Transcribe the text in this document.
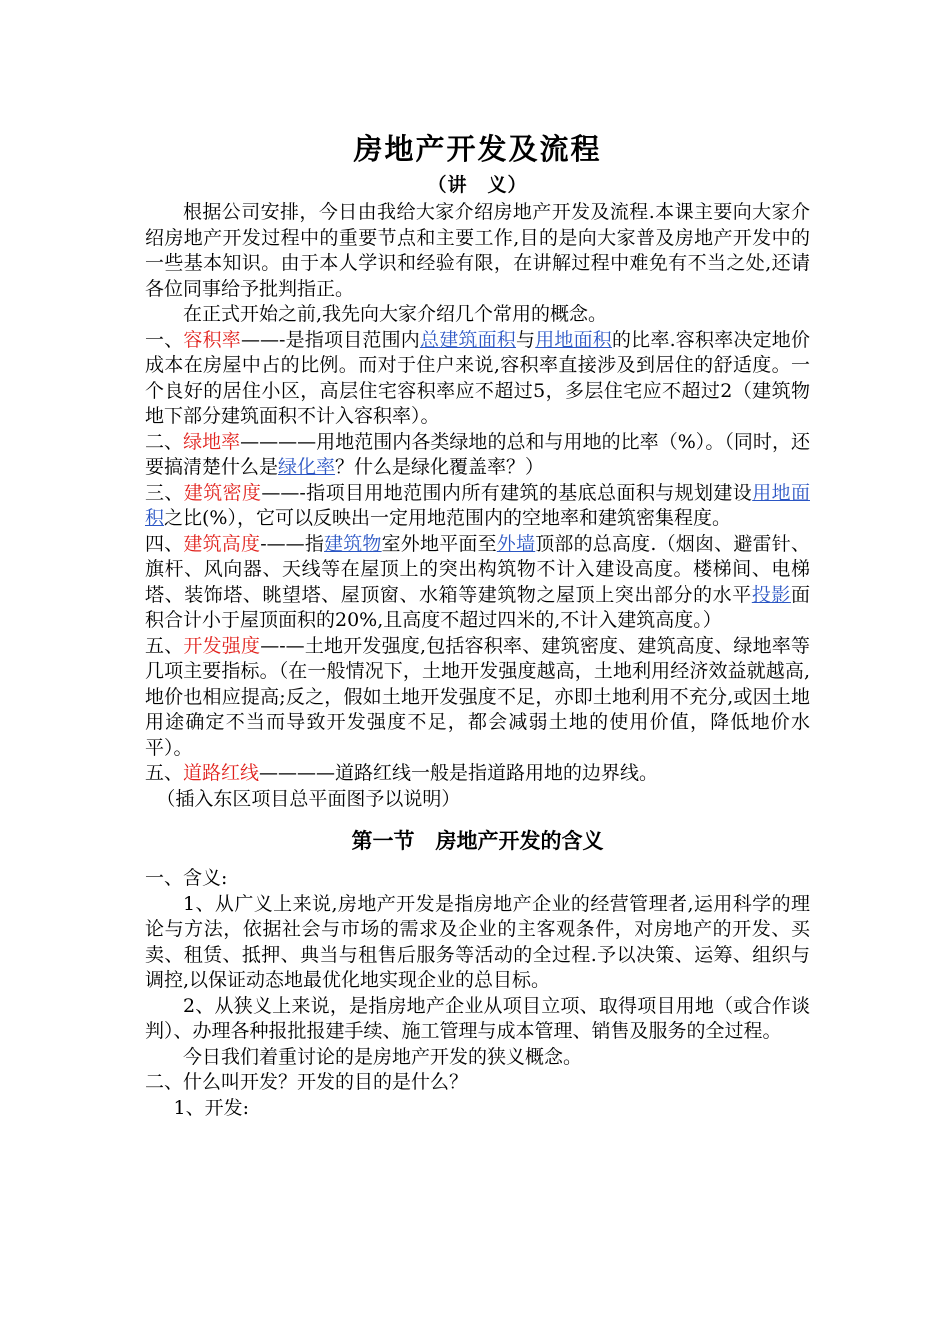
房地产开发及流程

（讲　义）

根据公司安排，今日由我给大家介绍房地产开发及流程.本课主要向大家介绍房地产开发过程中的重要节点和主要工作,目的是向大家普及房地产开发中的一些基本知识。由于本人学识和经验有限，在讲解过程中难免有不当之处,还请各位同事给予批判指正。

在正式开始之前,我先向大家介绍几个常用的概念。

一、容积率——-是指项目范围内总建筑面积与用地面积的比率.容积率决定地价成本在房屋中占的比例。而对于住户来说,容积率直接涉及到居住的舒适度。一个良好的居住小区，高层住宅容积率应不超过5，多层住宅应不超过2（建筑物地下部分建筑面积不计入容积率）。

二、绿地率————用地范围内各类绿地的总和与用地的比率（%）。（同时，还要搞清楚什么是绿化率？什么是绿化覆盖率？）

三、建筑密度——-指项目用地范围内所有建筑的基底总面积与规划建设用地面积之比(%），它可以反映出一定用地范围内的空地率和建筑密集程度。

四、建筑高度-——指建筑物室外地平面至外墙顶部的总高度.（烟囱、避雷针、旗杆、风向器、天线等在屋顶上的突出构筑物不计入建设高度。楼梯间、电梯塔、装饰塔、眺望塔、屋顶窗、水箱等建筑物之屋顶上突出部分的水平投影面积合计小于屋顶面积的20%,且高度不超过四米的,不计入建筑高度。）

五、开发强度—-—土地开发强度,包括容积率、建筑密度、建筑高度、绿地率等几项主要指标。（在一般情况下，土地开发强度越高，土地利用经济效益就越高,地价也相应提高;反之，假如土地开发强度不足，亦即土地利用不充分,或因土地用途确定不当而导致开发强度不足，都会减弱土地的使用价值，降低地价水平）。

五、道路红线————道路红线一般是指道路用地的边界线。

（插入东区项目总平面图予以说明）

第一节　房地产开发的含义

一、含义:

1、从广义上来说,房地产开发是指房地产企业的经营管理者,运用科学的理论与方法，依据社会与市场的需求及企业的主客观条件，对房地产的开发、买卖、租赁、抵押、典当与租售后服务等活动的全过程.予以决策、运筹、组织与调控,以保证动态地最优化地实现企业的总目标。

2、从狭义上来说，是指房地产企业从项目立项、取得项目用地（或合作谈判）、办理各种报批报建手续、施工管理与成本管理、销售及服务的全过程。

今日我们着重讨论的是房地产开发的狭义概念。

二、什么叫开发？开发的目的是什么？

1、开发:
